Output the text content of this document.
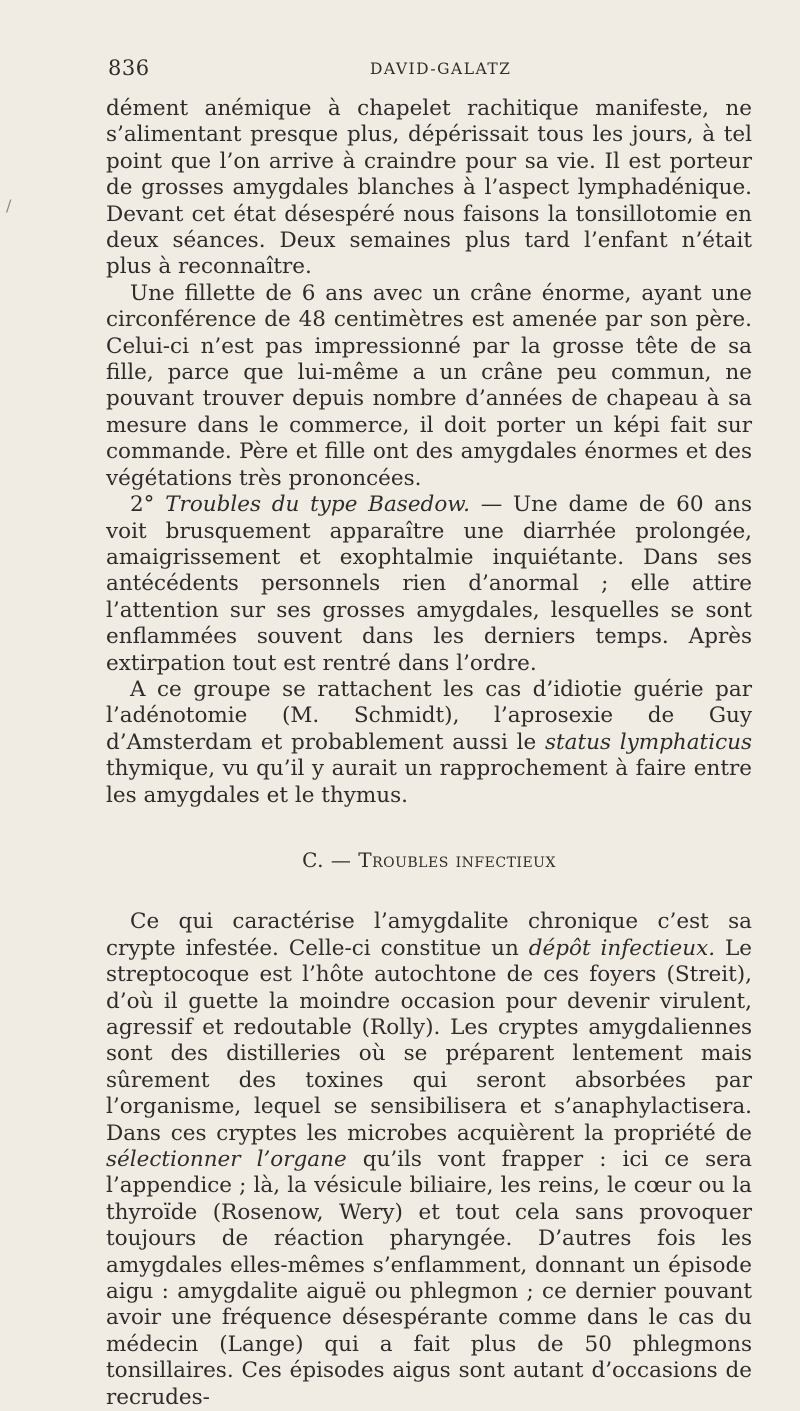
/
836	DAVID-GALATZ

dément anémique à chapelet rachitique manifeste, ne s’alimentant presque plus, dépérissait tous les jours, à tel point que l’on arrive à craindre pour sa vie. Il est porteur de grosses amygdales blanches à l’aspect lymphadénique. Devant cet état désespéré nous faisons la tonsillotomie en deux séances. Deux semaines plus tard l’enfant n’était plus à reconnaître.

Une fillette de 6 ans avec un crâne énorme, ayant une circonférence de 48 centimètres est amenée par son père. Celui-ci n’est pas impressionné par la grosse tête de sa fille, parce que lui-même a un crâne peu commun, ne pouvant trouver depuis nombre d’années de chapeau à sa mesure dans le commerce, il doit porter un képi fait sur commande. Père et fille ont des amygdales énormes et des végétations très prononcées.

2° Troubles du type Basedow. — Une dame de 60 ans voit brusquement apparaître une diarrhée prolongée, amaigrissement et exophtalmie inquiétante. Dans ses antécédents personnels rien d’anormal ; elle attire l’attention sur ses grosses amygdales, lesquelles se sont enflammées souvent dans les derniers temps. Après extirpation tout est rentré dans l’ordre.

A ce groupe se rattachent les cas d’idiotie guérie par l’adénotomie (M. Schmidt), l’aprosexie de Guy d’Amsterdam et probablement aussi le status lymphaticus thymique, vu qu’il y aurait un rapprochement à faire entre les amygdales et le thymus.

C. — Troubles infectieux

Ce qui caractérise l’amygdalite chronique c’est sa crypte infestée. Celle-ci constitue un dépôt infectieux. Le streptocoque est l’hôte autochtone de ces foyers (Streit), d’où il guette la moindre occasion pour devenir virulent, agressif et redoutable (Rolly). Les cryptes amygdaliennes sont des distilleries où se préparent lentement mais sûrement des toxines qui seront absorbées par l’organisme, lequel se sensibilisera et s’anaphylactisera. Dans ces cryptes les microbes acquièrent la propriété de sélectionner l’organe qu’ils vont frapper : ici ce sera l’appendice ; là, la vésicule biliaire, les reins, le cœur ou la thyroïde (Rosenow, Wery) et tout cela sans provoquer toujours de réaction pharyngée. D’autres fois les amygdales elles-mêmes s’enflamment, donnant un épisode aigu : amygdalite aiguë ou phlegmon ; ce dernier pouvant avoir une fréquence désespérante comme dans le cas du médecin (Lange) qui a fait plus de 50 phlegmons tonsillaires. Ces épisodes aigus sont autant d’occasions de recrudes-
